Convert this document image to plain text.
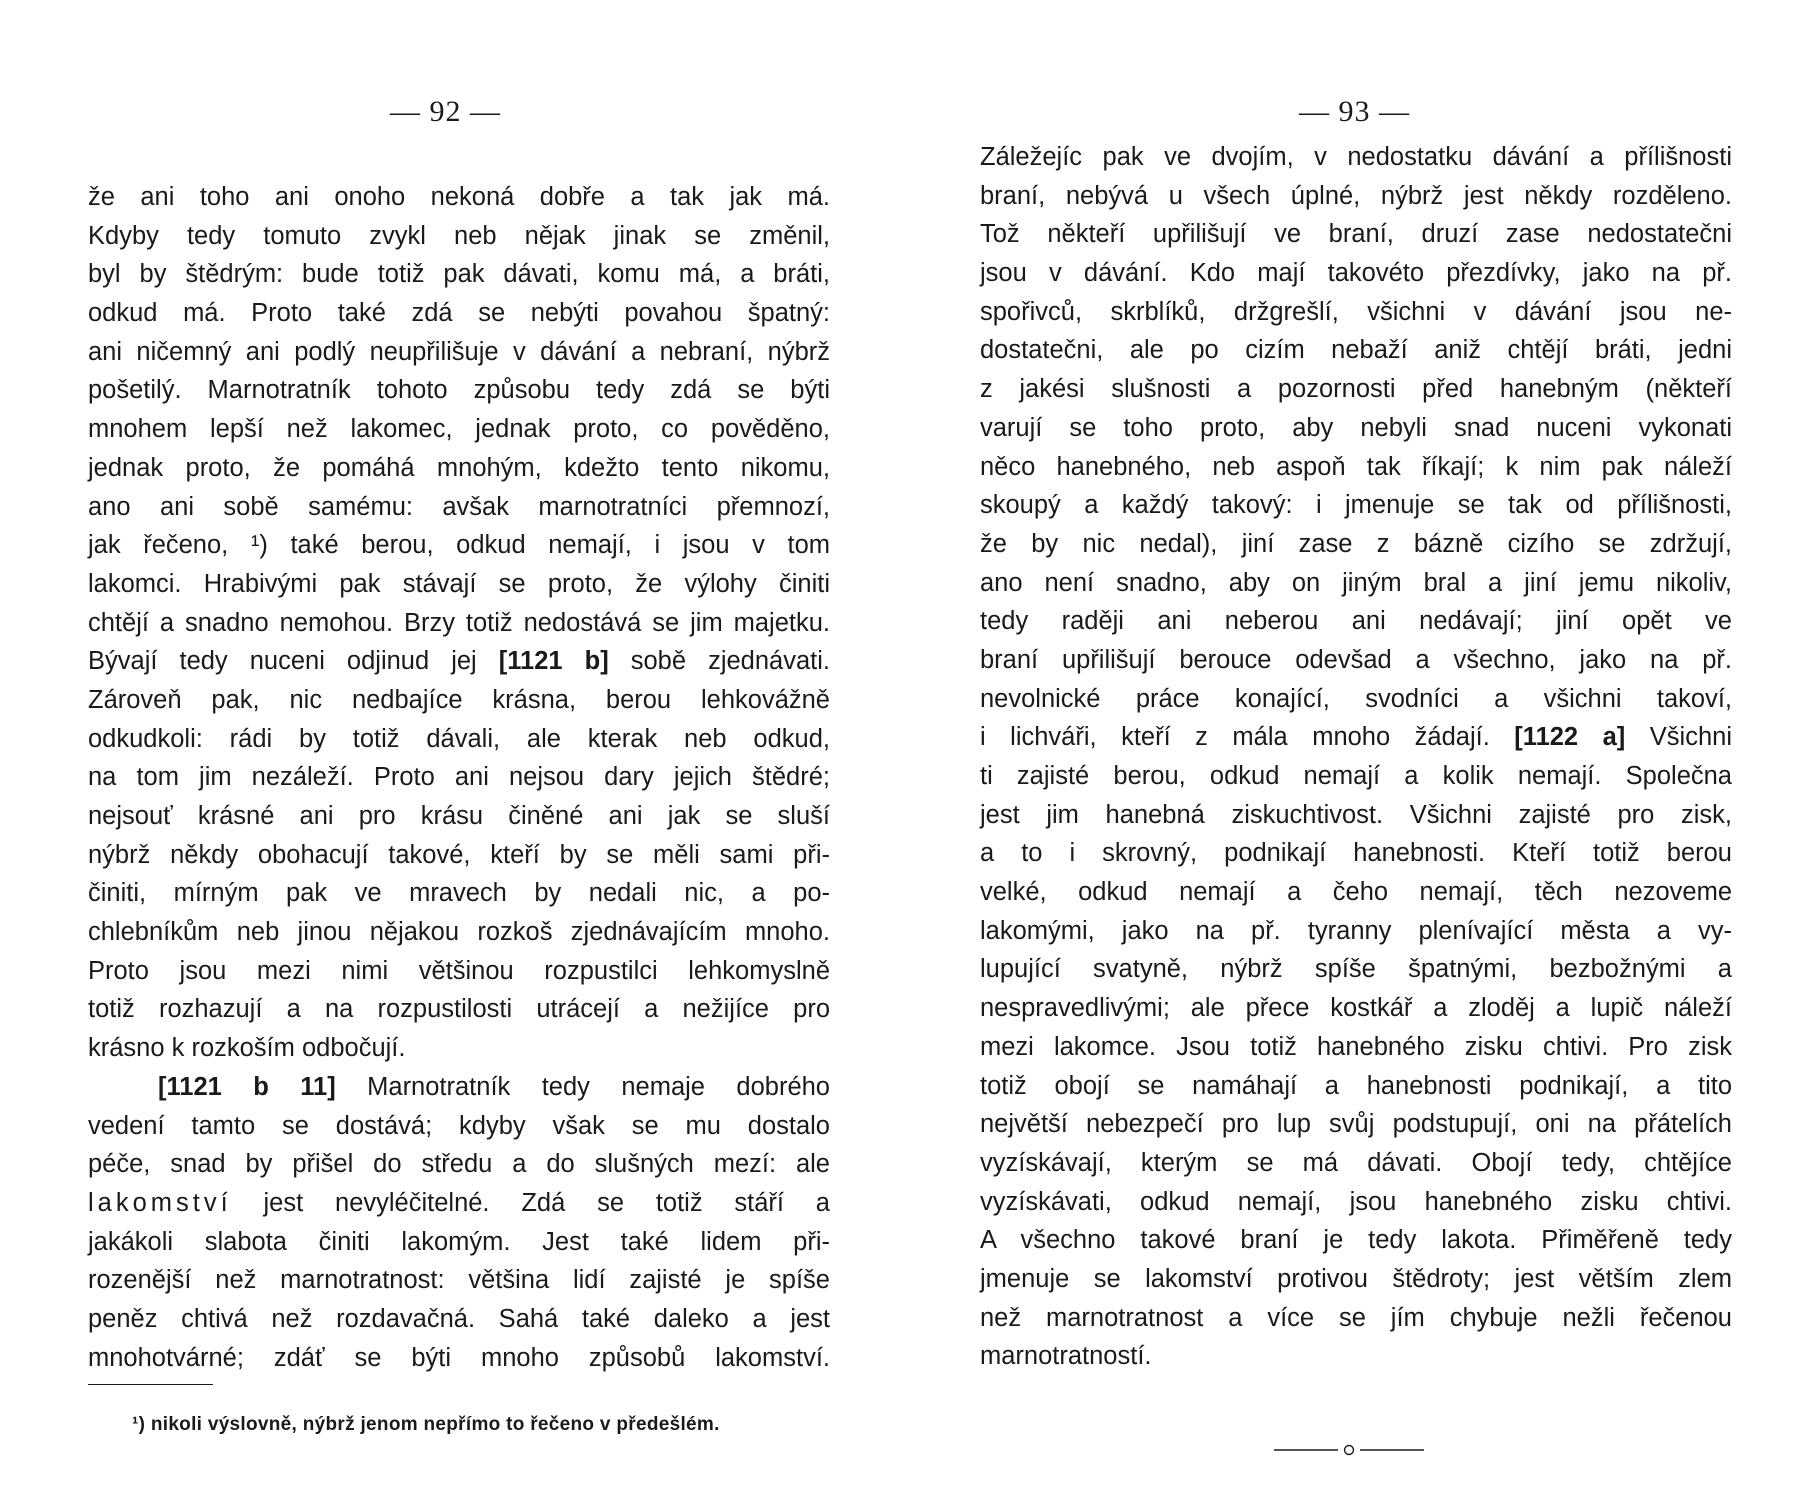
— 92 —
že ani toho ani onoho nekoná dobře a tak jak má.
Kdyby tedy tomuto zvykl neb nějak jinak se změnil,
byl by štědrým: bude totiž pak dávati, komu má, a bráti,
odkud má. Proto také zdá se nebýti povahou špatný:
ani ničemný ani podlý neupřilišuje v dávání a nebraní, nýbrž
pošetilý. Marnotratník tohoto způsobu tedy zdá se býti
mnohem lepší než lakomec, jednak proto, co pověděno,
jednak proto, že pomáhá mnohým, kdežto tento nikomu,
ano ani sobě samému: avšak marnotratníci přemnozí,
jak řečeno, ¹) také berou, odkud nemají, i jsou v tom
lakomci. Hrabivými pak stávají se proto, že výlohy činiti
chtějí a snadno nemohou. Brzy totiž nedostává se jim majetku.
Bývají tedy nuceni odjinud jej [1121 b] sobě zjednávati.
Zároveň pak, nic nedbajíce krásna, berou lehkovážně
odkudkoli: rádi by totiž dávali, ale kterak neb odkud,
na tom jim nezáleží. Proto ani nejsou dary jejich štědré;
nejsouť krásné ani pro krásu činěné ani jak se sluší
nýbrž někdy obohacují takové, kteří by se měli sami při-
činiti, mírným pak ve mravech by nedali nic, a po-
chlebníkům neb jinou nějakou rozkoš zjednávajícím mnoho.
Proto jsou mezi nimi většinou rozpustilci lehkomyslně
totiž rozhazují a na rozpustilosti utrácejí a nežijíce pro
krásno k rozkoším odbočují.
[1121 b 11] Marnotratník tedy nemaje dobrého
vedení tamto se dostává; kdyby však se mu dostalo
péče, snad by přišel do středu a do slušných mezí: ale
lakomství jest nevyléčitelné. Zdá se totiž stáří a
jakákoli slabota činiti lakomým. Jest také lidem při-
rozenější než marnotratnost: většina lidí zajisté je spíše
peněz chtivá než rozdavačná. Sahá také daleko a jest
mnohotvárné; zdáť se býti mnoho způsobů lakomství.
¹) nikoli výslovně, nýbrž jenom nepřímo to řečeno v předešlém.
— 93 —
Záležejíc pak ve dvojím, v nedostatku dávání a přílišnosti
braní, nebývá u všech úplné, nýbrž jest někdy rozděleno.
Tož někteří upřilišují ve braní, druzí zase nedostatečni
jsou v dávání. Kdo mají takovéto přezdívky, jako na př.
spořivců, skrblíků, držgrešlí, všichni v dávání jsou ne-
dostatečni, ale po cizím nebaží aniž chtějí bráti, jedni
z jakési slušnosti a pozornosti před hanebným (někteří
varují se toho proto, aby nebyli snad nuceni vykonati
něco hanebného, neb aspoň tak říkají; k nim pak náleží
skoupý a každý takový: i jmenuje se tak od přílišnosti,
že by nic nedal), jiní zase z bázně cizího se zdržují,
ano není snadno, aby on jiným bral a jiní jemu nikoliv,
tedy raději ani neberou ani nedávají; jiní opět ve
braní upřilišují berouce odevšad a všechno, jako na př.
nevolnické práce konající, svodníci a všichni takoví,
i lichváři, kteří z mála mnoho žádají. [1122 a] Všichni
ti zajisté berou, odkud nemají a kolik nemají. Společna
jest jim hanebná ziskuchtivost. Všichni zajisté pro zisk,
a to i skrovný, podnikají hanebnosti. Kteří totiž berou
velké, odkud nemají a čeho nemají, těch nezoveme
lakomými, jako na př. tyranny plenívající města a vy-
lupující svatyně, nýbrž spíše špatnými, bezbožnými a
nespravedlivými; ale přece kostkář a zloděj a lupič náleží
mezi lakomce. Jsou totiž hanebného zisku chtivi. Pro zisk
totiž obojí se namáhají a hanebnosti podnikají, a tito
největší nebezpečí pro lup svůj podstupují, oni na přátelích
vyzískávají, kterým se má dávati. Obojí tedy, chtějíce
vyzískávati, odkud nemají, jsou hanebného zisku chtivi.
A všechno takové braní je tedy lakota. Přiměřeně tedy
jmenuje se lakomství protivou štědroty; jest větším zlem
než marnotratnost a více se jím chybuje nežli řečenou
marnotratností.
